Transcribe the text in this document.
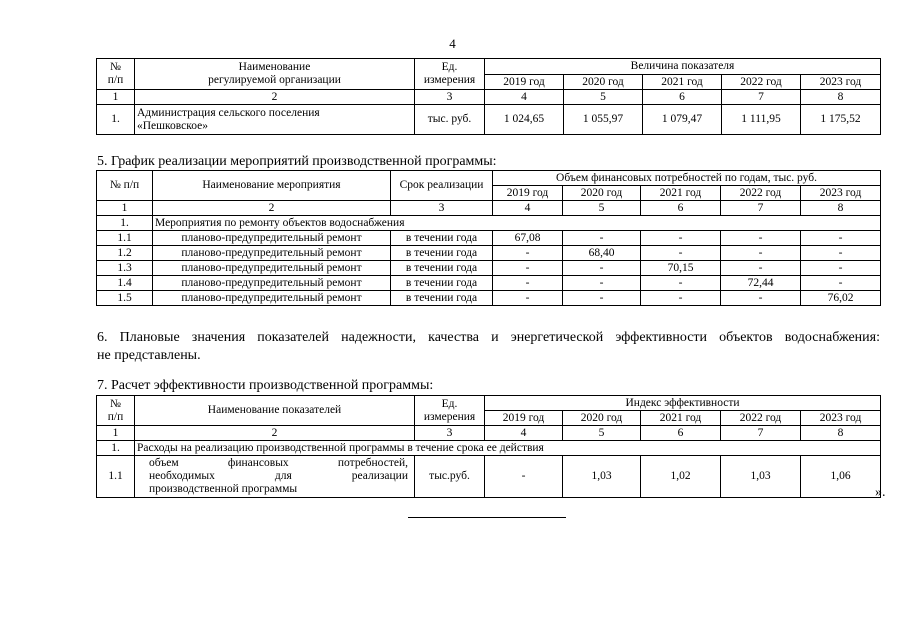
4
№
п/п	Наименование
регулируемой организации	Ед.
измерения	Величина показателя				
			2019 год	2020 год	2021 год	2022 год	2023 год
1	2	3	4	5	6	7	8
1.	Администрация сельского поселения
«Пешковское»	тыс. руб.	1 024,65	1 055,97	1 079,47	1 111,95	1 175,52
5. График реализации мероприятий производственной программы:
№ п/п	Наименование мероприятия	Срок реализации	Объем финансовых потребностей по годам, тыс. руб.				
			2019 год	2020 год	2021 год	2022 год	2023 год
1	2	3	4	5	6	7	8
1.	Мероприятия по ремонту объектов водоснабжения						
1.1	планово-предупредительный ремонт	в течении года	67,08	-	-	-	-
1.2	планово-предупредительный ремонт	в течении года	-	68,40	-	-	-
1.3	планово-предупредительный ремонт	в течении года	-	-	70,15	-	-
1.4	планово-предупредительный ремонт	в течении года	-	-	-	72,44	-
1.5	планово-предупредительный ремонт	в течении года	-	-	-	-	76,02
6. Плановые значения показателей надежности, качества и энергетической эффективности объектов водоснабжения:
не представлены.
7. Расчет эффективности производственной программы:
№
п/п	Наименование показателей	Ед.
измерения	Индекс эффективности				
			2019 год	2020 год	2021 год	2022 год	2023 год
1	2	3	4	5	6	7	8
1.	Расходы на реализацию производственной программы в течение срока ее действия						
1.1	объем финансовых потребностей,
необходимых для реализации
производственной программы	тыс.руб.	-	1,03	1,02	1,03	1,06
».
